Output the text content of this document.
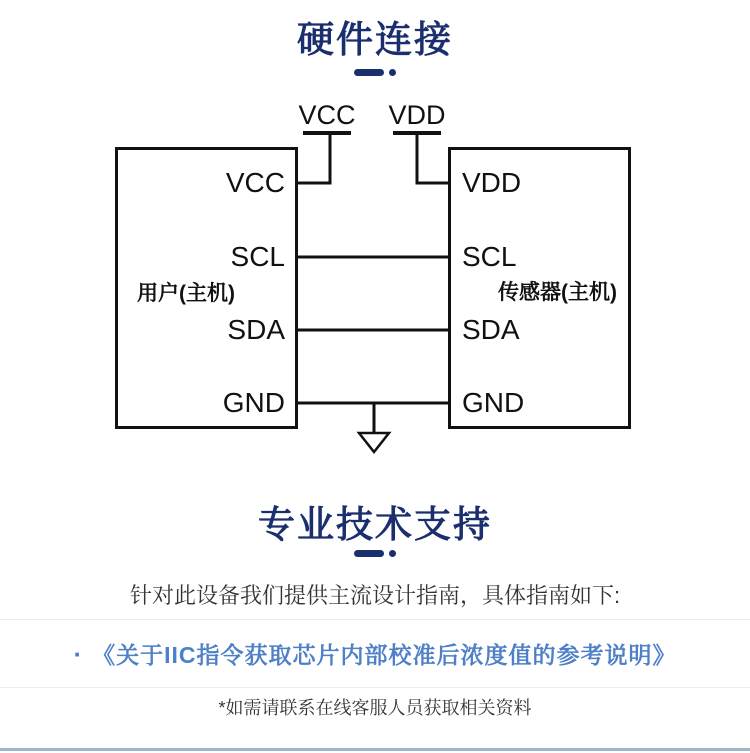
硬件连接
VCC VDD
VCC
SCL
SDA
GND
VDD
SCL
SDA
GND
用户(主机)	传感器(主机)
专业技术支持

针对此设备我们提供主流设计指南，具体指南如下:

· 《关于IIC指令获取芯片内部校准后浓度值的参考说明》

*如需请联系在线客服人员获取相关资料
